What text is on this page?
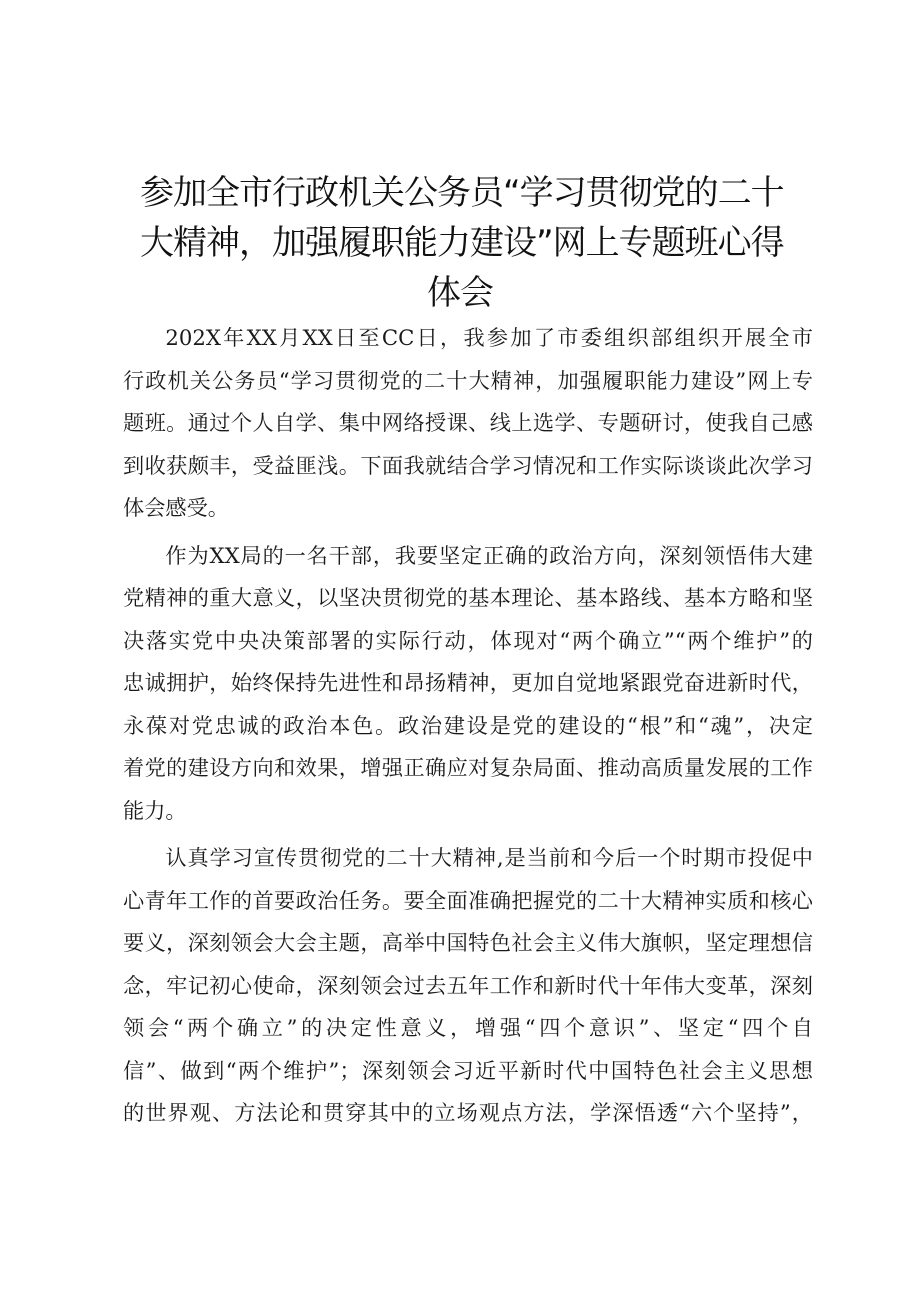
参加全市行政机关公务员“学习贯彻党的二十
大精神，加强履职能力建设”网上专题班心得
体会
202X年XX月XX日至CC日，我参加了市委组织部组织开展全市
行政机关公务员“学习贯彻党的二十大精神，加强履职能力建设”网上专
题班。通过个人自学、集中网络授课、线上选学、专题研讨，使我自己感
到收获颇丰，受益匪浅。下面我就结合学习情况和工作实际谈谈此次学习
体会感受。
作为XX局的一名干部，我要坚定正确的政治方向，深刻领悟伟大建
党精神的重大意义，以坚决贯彻党的基本理论、基本路线、基本方略和坚
决落实党中央决策部署的实际行动，体现对“两个确立”“两个维护”的
忠诚拥护，始终保持先进性和昂扬精神，更加自觉地紧跟党奋进新时代，
永葆对党忠诚的政治本色。政治建设是党的建设的“根”和“魂”，决定
着党的建设方向和效果，增强正确应对复杂局面、推动高质量发展的工作
能力。
认真学习宣传贯彻党的二十大精神,是当前和今后一个时期市投促中
心青年工作的首要政治任务。要全面准确把握党的二十大精神实质和核心
要义，深刻领会大会主题，高举中国特色社会主义伟大旗帜，坚定理想信
念，牢记初心使命，深刻领会过去五年工作和新时代十年伟大变革，深刻
领会“两个确立”的决定性意义，增强“四个意识”、坚定“四个自
信”、做到“两个维护”；深刻领会习近平新时代中国特色社会主义思想
的世界观、方法论和贯穿其中的立场观点方法，学深悟透“六个坚持”，
